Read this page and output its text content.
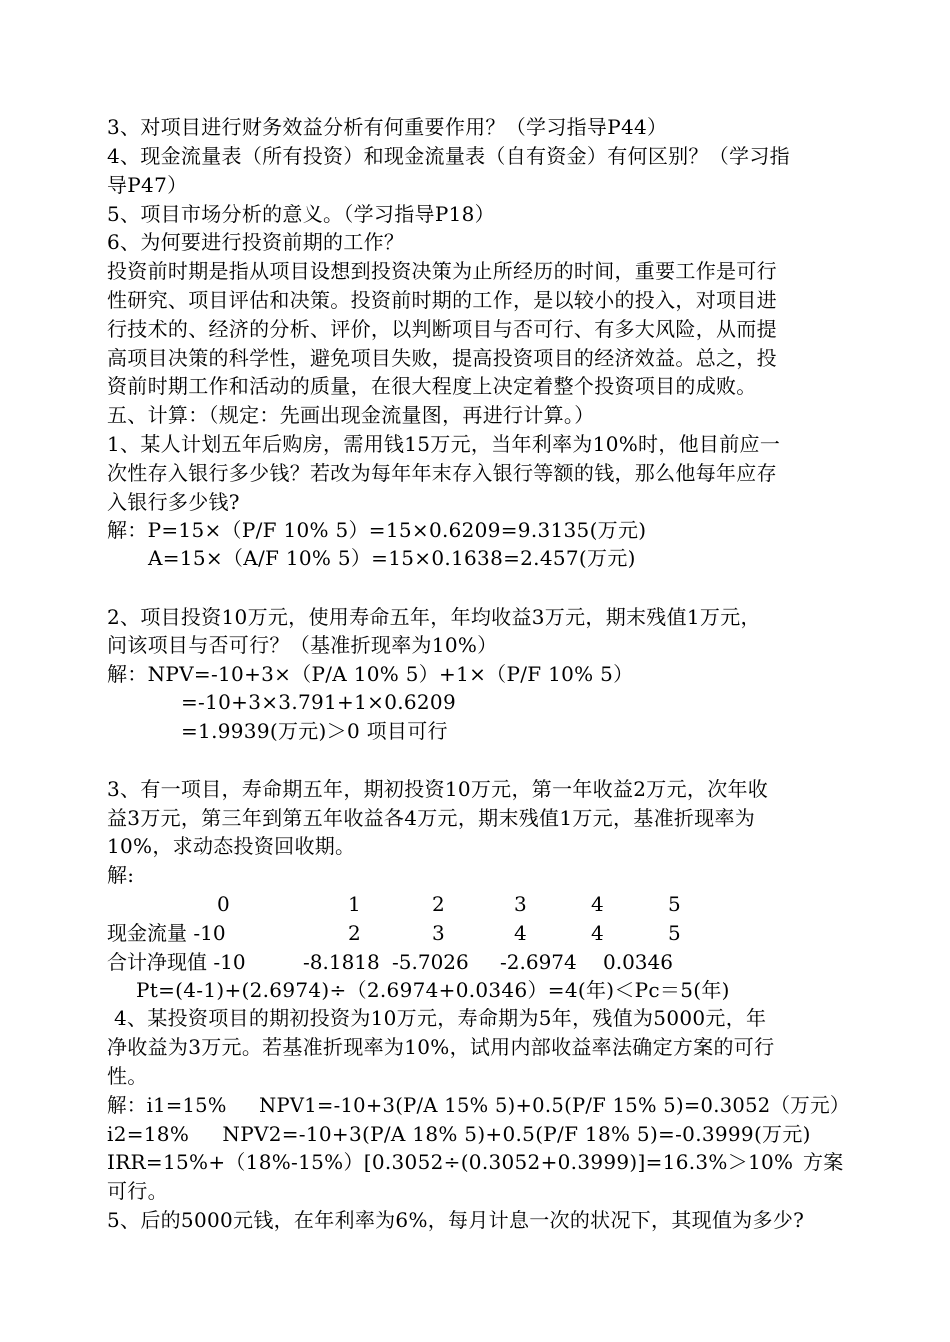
3、对项目进行财务效益分析有何重要作用？（学习指导P44）
4、现金流量表（所有投资）和现金流量表（自有资金）有何区别？（学习指
导P47）
5、项目市场分析的意义。（学习指导P18）
6、为何要进行投资前期的工作？
投资前时期是指从项目设想到投资决策为止所经历的时间，重要工作是可行
性研究、项目评估和决策。投资前时期的工作，是以较小的投入，对项目进
行技术的、经济的分析、评价，以判断项目与否可行、有多大风险，从而提
高项目决策的科学性，避免项目失败，提高投资项目的经济效益。总之，投
资前时期工作和活动的质量，在很大程度上决定着整个投资项目的成败。
五、计算：（规定：先画出现金流量图，再进行计算。）
1、某人计划五年后购房，需用钱15万元，当年利率为10%时，他目前应一
次性存入银行多少钱？若改为每年年末存入银行等额的钱，那么他每年应存
入银行多少钱?
解：P=15×（P/F 10% 5）=15×0.6209=9.3135(万元)
A=15×（A/F 10% 5）=15×0.1638=2.457(万元)
2、项目投资10万元，使用寿命五年，年均收益3万元，期末残值1万元，
问该项目与否可行？（基准折现率为10%）
解：NPV=-10+3×（P/A 10% 5）+1×（P/F 10% 5）
=-10+3×3.791+1×0.6209
=1.9939(万元)＞0 项目可行
3、有一项目，寿命期五年，期初投资10万元，第一年收益2万元，次年收
益3万元，第三年到第五年收益各4万元，期末残值1万元，基准折现率为
10%，求动态投资回收期。
解:
0	1	2	3	4	5
现金流量 -10	2	3	4	4	5
合计净现值 -10	-8.1818 -5.7026 -2.6974 0.0346
Pt=(4-1)+(2.6974)÷（2.6974+0.0346）=4(年)＜Pc＝5(年)
4、某投资项目的期初投资为10万元，寿命期为5年，残值为5000元，年
净收益为3万元。若基准折现率为10%，试用内部收益率法确定方案的可行
性。
解：i1=15%     NPV1=-10+3(P/A 15% 5)+0.5(P/F 15% 5)=0.3052（万元）
i2=18%     NPV2=-10+3(P/A 18% 5)+0.5(P/F 18% 5)=-0.3999(万元)
IRR=15%+（18%-15%）[0.3052÷(0.3052+0.3999)]=16.3%＞10% 方案
可行。
5、后的5000元钱，在年利率为6%，每月计息一次的状况下，其现值为多少?
